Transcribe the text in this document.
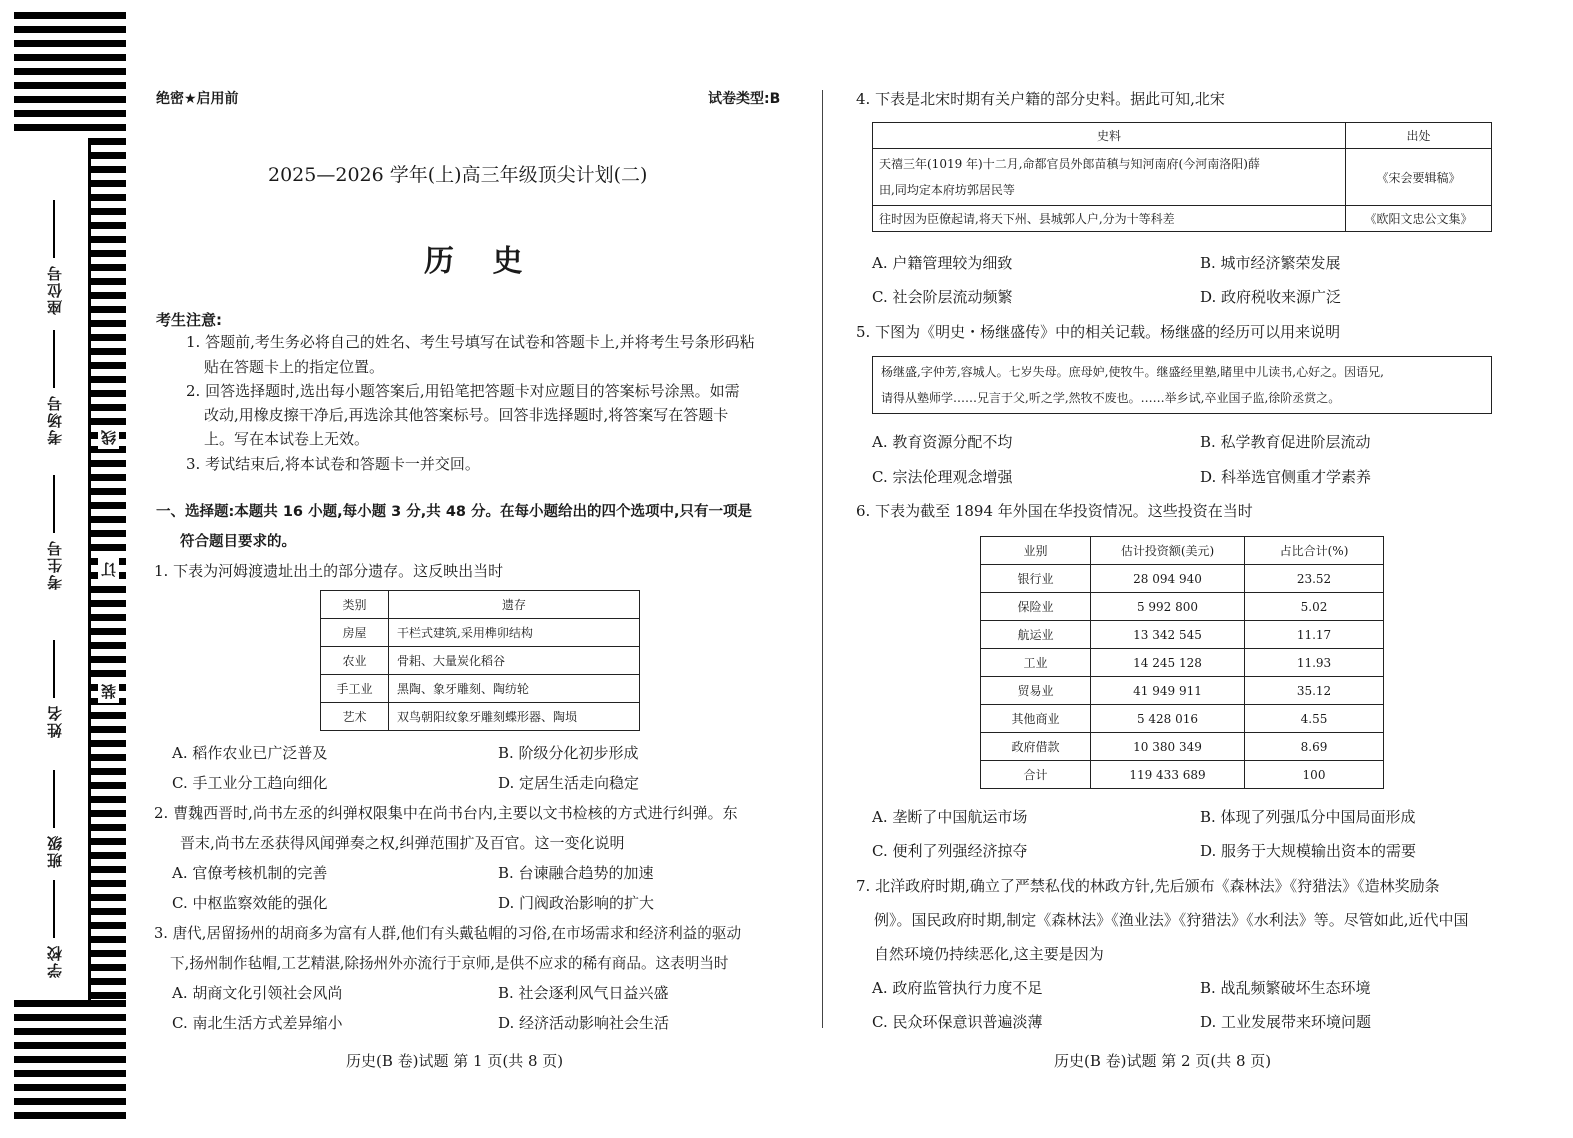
座位号
考场号
考生号
姓名
班级
学校
线
订
装
绝密★启用前	试卷类型:B
2025—2026 学年(上)高三年级顶尖计划(二)
历 史
考生注意:

1. 答题前,考生务必将自己的姓名、考生号填写在试卷和答题卡上,并将考生号条形码粘

贴在答题卡上的指定位置。

2. 回答选择题时,选出每小题答案后,用铅笔把答题卡对应题目的答案标号涂黑。如需

改动,用橡皮擦干净后,再选涂其他答案标号。回答非选择题时,将答案写在答题卡

上。写在本试卷上无效。

3. 考试结束后,将本试卷和答题卡一并交回。

一、选择题:本题共 16 小题,每小题 3 分,共 48 分。在每小题给出的四个选项中,只有一项是

符合题目要求的。

1. 下表为河姆渡遗址出土的部分遗存。这反映出当时

类别	遗存
房屋	干栏式建筑,采用榫卯结构
农业	骨耜、大量炭化稻谷
手工业	黑陶、象牙雕刻、陶纺轮
艺术	双鸟朝阳纹象牙雕刻蝶形器、陶埙
A. 稻作农业已广泛普及	B. 阶级分化初步形成
C. 手工业分工趋向细化	D. 定居生活走向稳定

2. 曹魏西晋时,尚书左丞的纠弹权限集中在尚书台内,主要以文书检核的方式进行纠弹。东

晋末,尚书左丞获得风闻弹奏之权,纠弹范围扩及百官。这一变化说明

A. 官僚考核机制的完善	B. 台谏融合趋势的加速
C. 中枢监察效能的强化	D. 门阀政治影响的扩大

3. 唐代,居留扬州的胡商多为富有人群,他们有头戴毡帽的习俗,在市场需求和经济利益的驱动

下,扬州制作毡帽,工艺精湛,除扬州外亦流行于京师,是供不应求的稀有商品。这表明当时

A. 胡商文化引领社会风尚	B. 社会逐利风气日益兴盛
C. 南北生活方式差异缩小	D. 经济活动影响社会生活
历史(B 卷)试题 第 1 页(共 8 页)

4. 下表是北宋时期有关户籍的部分史料。据此可知,北宋

史料	出处

天禧三年(1019 年)十二月,命都官员外郎苗稹与知河南府(今河南洛阳)薛
田,同均定本府坊郭居民等	《宋会要辑稿》
往时因为臣僚起请,将天下州、县城郭人户,分为十等科差	《欧阳文忠公文集》
A. 户籍管理较为细致	B. 城市经济繁荣发展
C. 社会阶层流动频繁	D. 政府税收来源广泛

5. 下图为《明史・杨继盛传》中的相关记载。杨继盛的经历可以用来说明

杨继盛,字仲芳,容城人。七岁失母。庶母妒,使牧牛。继盛经里塾,睹里中儿读书,心好之。因语兄,
请得从塾师学……兄言于父,听之学,然牧不废也。……举乡试,卒业国子监,徐阶丞赏之。
A. 教育资源分配不均	B. 私学教育促进阶层流动
C. 宗法伦理观念增强	D. 科举选官侧重才学素养

6. 下表为截至 1894 年外国在华投资情况。这些投资在当时

业别	估计投资额(美元)	占比合计(%)
银行业	28 094 940	23.52
保险业	5 992 800	5.02
航运业	13 342 545	11.17
工业	14 245 128	11.93
贸易业	41 949 911	35.12
其他商业	5 428 016	4.55
政府借款	10 380 349	8.69
合计	119 433 689	100
A. 垄断了中国航运市场	B. 体现了列强瓜分中国局面形成
C. 便利了列强经济掠夺	D. 服务于大规模输出资本的需要

7. 北洋政府时期,确立了严禁私伐的林政方针,先后颁布《森林法》《狩猎法》《造林奖励条

例》。国民政府时期,制定《森林法》《渔业法》《狩猎法》《水利法》等。尽管如此,近代中国

自然环境仍持续恶化,这主要是因为

A. 政府监管执行力度不足	B. 战乱频繁破坏生态环境
C. 民众环保意识普遍淡薄	D. 工业发展带来环境问题
历史(B 卷)试题 第 2 页(共 8 页)
